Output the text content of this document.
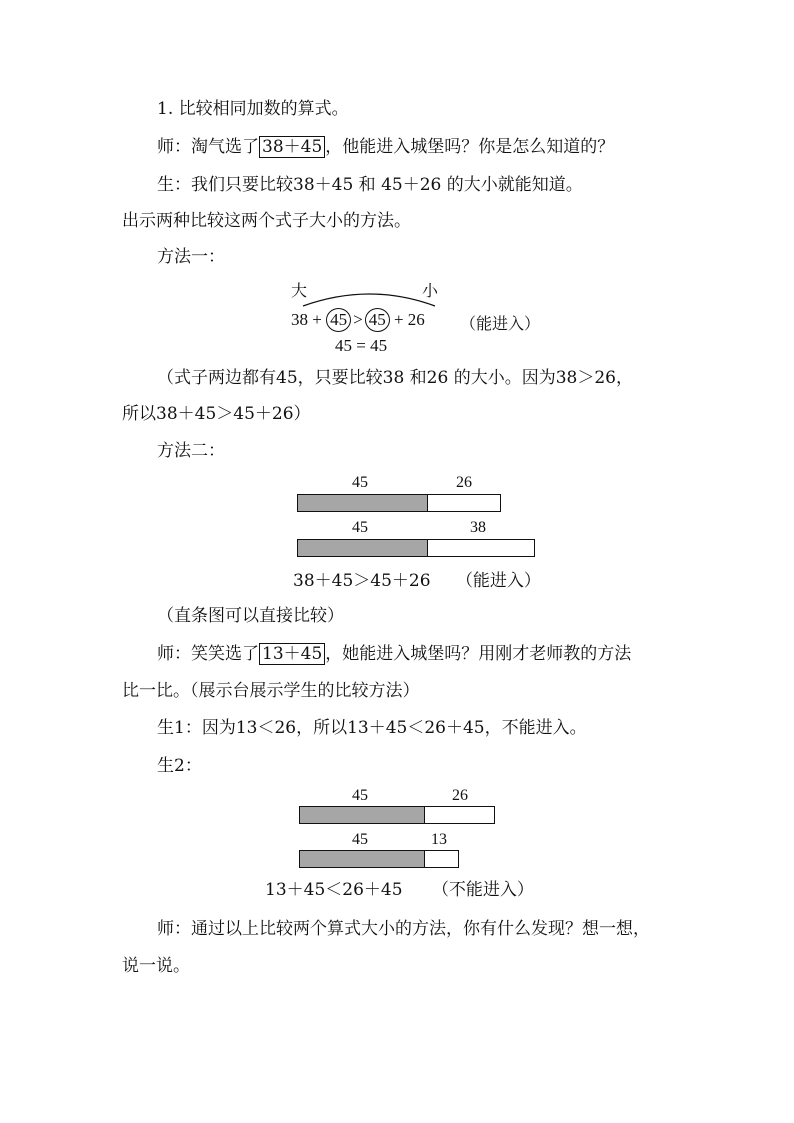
1. 比较相同加数的算式。
师：淘气选了 38＋45 ，他能进入城堡吗？你是怎么知道的？
生：我们只要比较38＋45 和 45＋26 的大小就能知道。
出示两种比较这两个式子大小的方法。
方法一：
大	小
38 + 45 > 45 + 26 （能进入）
45 = 45
（式子两边都有45，只要比较38 和26 的大小。因为38＞26，
所以38＋45＞45＋26）
方法二：
45	26
45	38
38＋45＞45＋26 （能进入）
（直条图可以直接比较）
师：笑笑选了 13＋45 ，她能进入城堡吗？用刚才老师教的方法
比一比。（展示台展示学生的比较方法）
生1：因为13＜26，所以13＋45＜26＋45，不能进入。
生2：
45	26
45	13
13＋45＜26＋45 （不能进入）
师：通过以上比较两个算式大小的方法，你有什么发现？想一想，
说一说。
